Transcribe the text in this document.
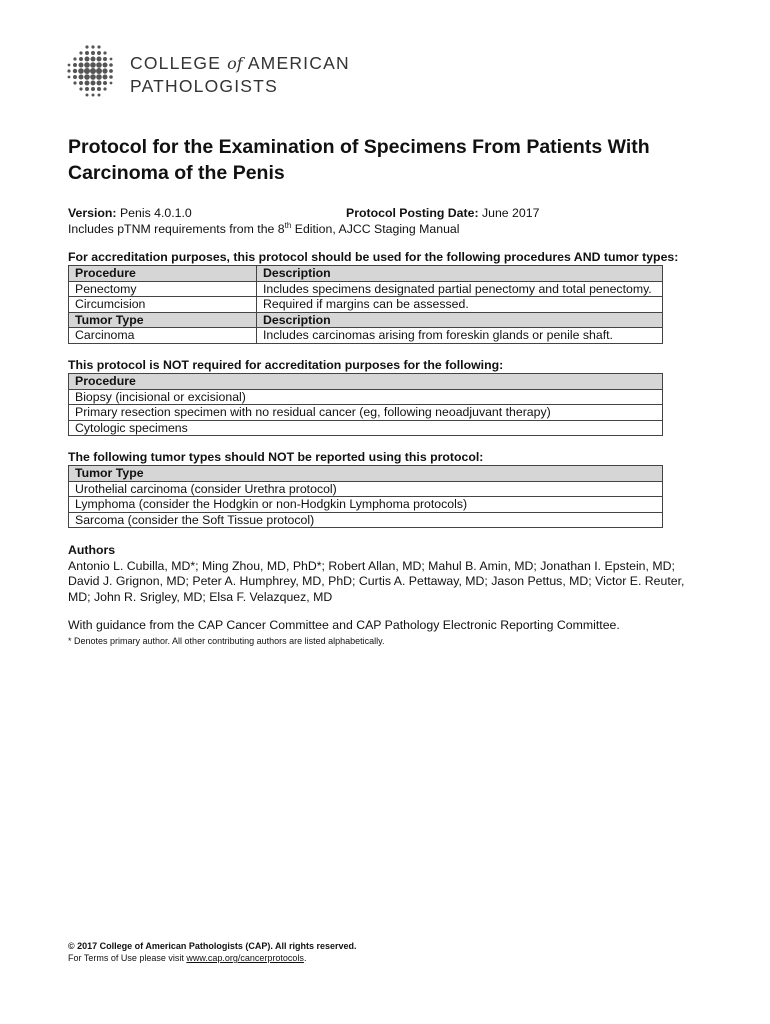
COLLEGE of AMERICAN
PATHOLOGISTS
Protocol for the Examination of Specimens From Patients With Carcinoma of the Penis
Version: Penis 4.0.1.0	Protocol Posting Date: June 2017
Includes pTNM requirements from the 8th Edition, AJCC Staging Manual
For accreditation purposes, this protocol should be used for the following procedures AND tumor types:
Procedure	Description
Penectomy	Includes specimens designated partial penectomy and total penectomy.
Circumcision	Required if margins can be assessed.
Tumor Type	Description
Carcinoma	Includes carcinomas arising from foreskin glands or penile shaft.
This protocol is NOT required for accreditation purposes for the following:
Procedure
Biopsy (incisional or excisional)
Primary resection specimen with no residual cancer (eg, following neoadjuvant therapy)
Cytologic specimens
The following tumor types should NOT be reported using this protocol:
Tumor Type
Urothelial carcinoma (consider Urethra protocol)
Lymphoma (consider the Hodgkin or non-Hodgkin Lymphoma protocols)
Sarcoma (consider the Soft Tissue protocol)
Authors
Antonio L. Cubilla, MD*; Ming Zhou, MD, PhD*; Robert Allan, MD; Mahul B. Amin, MD; Jonathan I. Epstein, MD; David J. Grignon, MD; Peter A. Humphrey, MD, PhD; Curtis A. Pettaway, MD; Jason Pettus, MD; Victor E. Reuter, MD; John R. Srigley, MD; Elsa F. Velazquez, MD
With guidance from the CAP Cancer Committee and CAP Pathology Electronic Reporting Committee.
* Denotes primary author. All other contributing authors are listed alphabetically.
© 2017 College of American Pathologists (CAP). All rights reserved.
For Terms of Use please visit www.cap.org/cancerprotocols.
